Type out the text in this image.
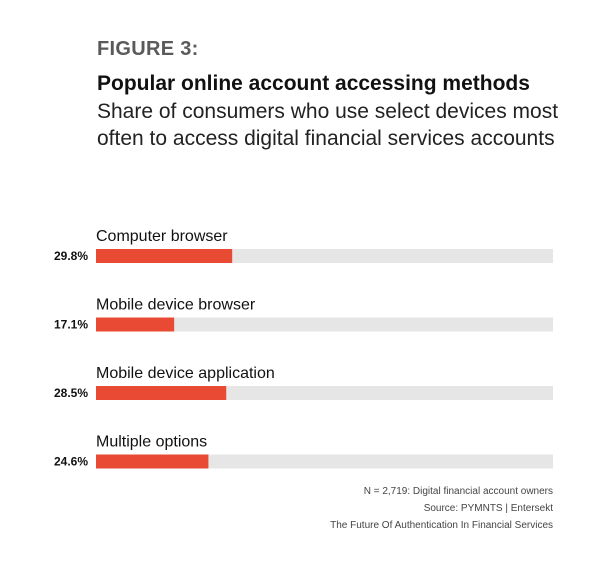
FIGURE 3:
Popular online account accessing methods
Share of consumers who use select devices most often to access digital financial services accounts
Computer browser
29.8%
Mobile device browser
17.1%
Mobile device application
28.5%
Multiple options
24.6%
N = 2,719: Digital financial account owners
Source: PYMNTS | Entersekt
The Future Of Authentication In Financial Services
